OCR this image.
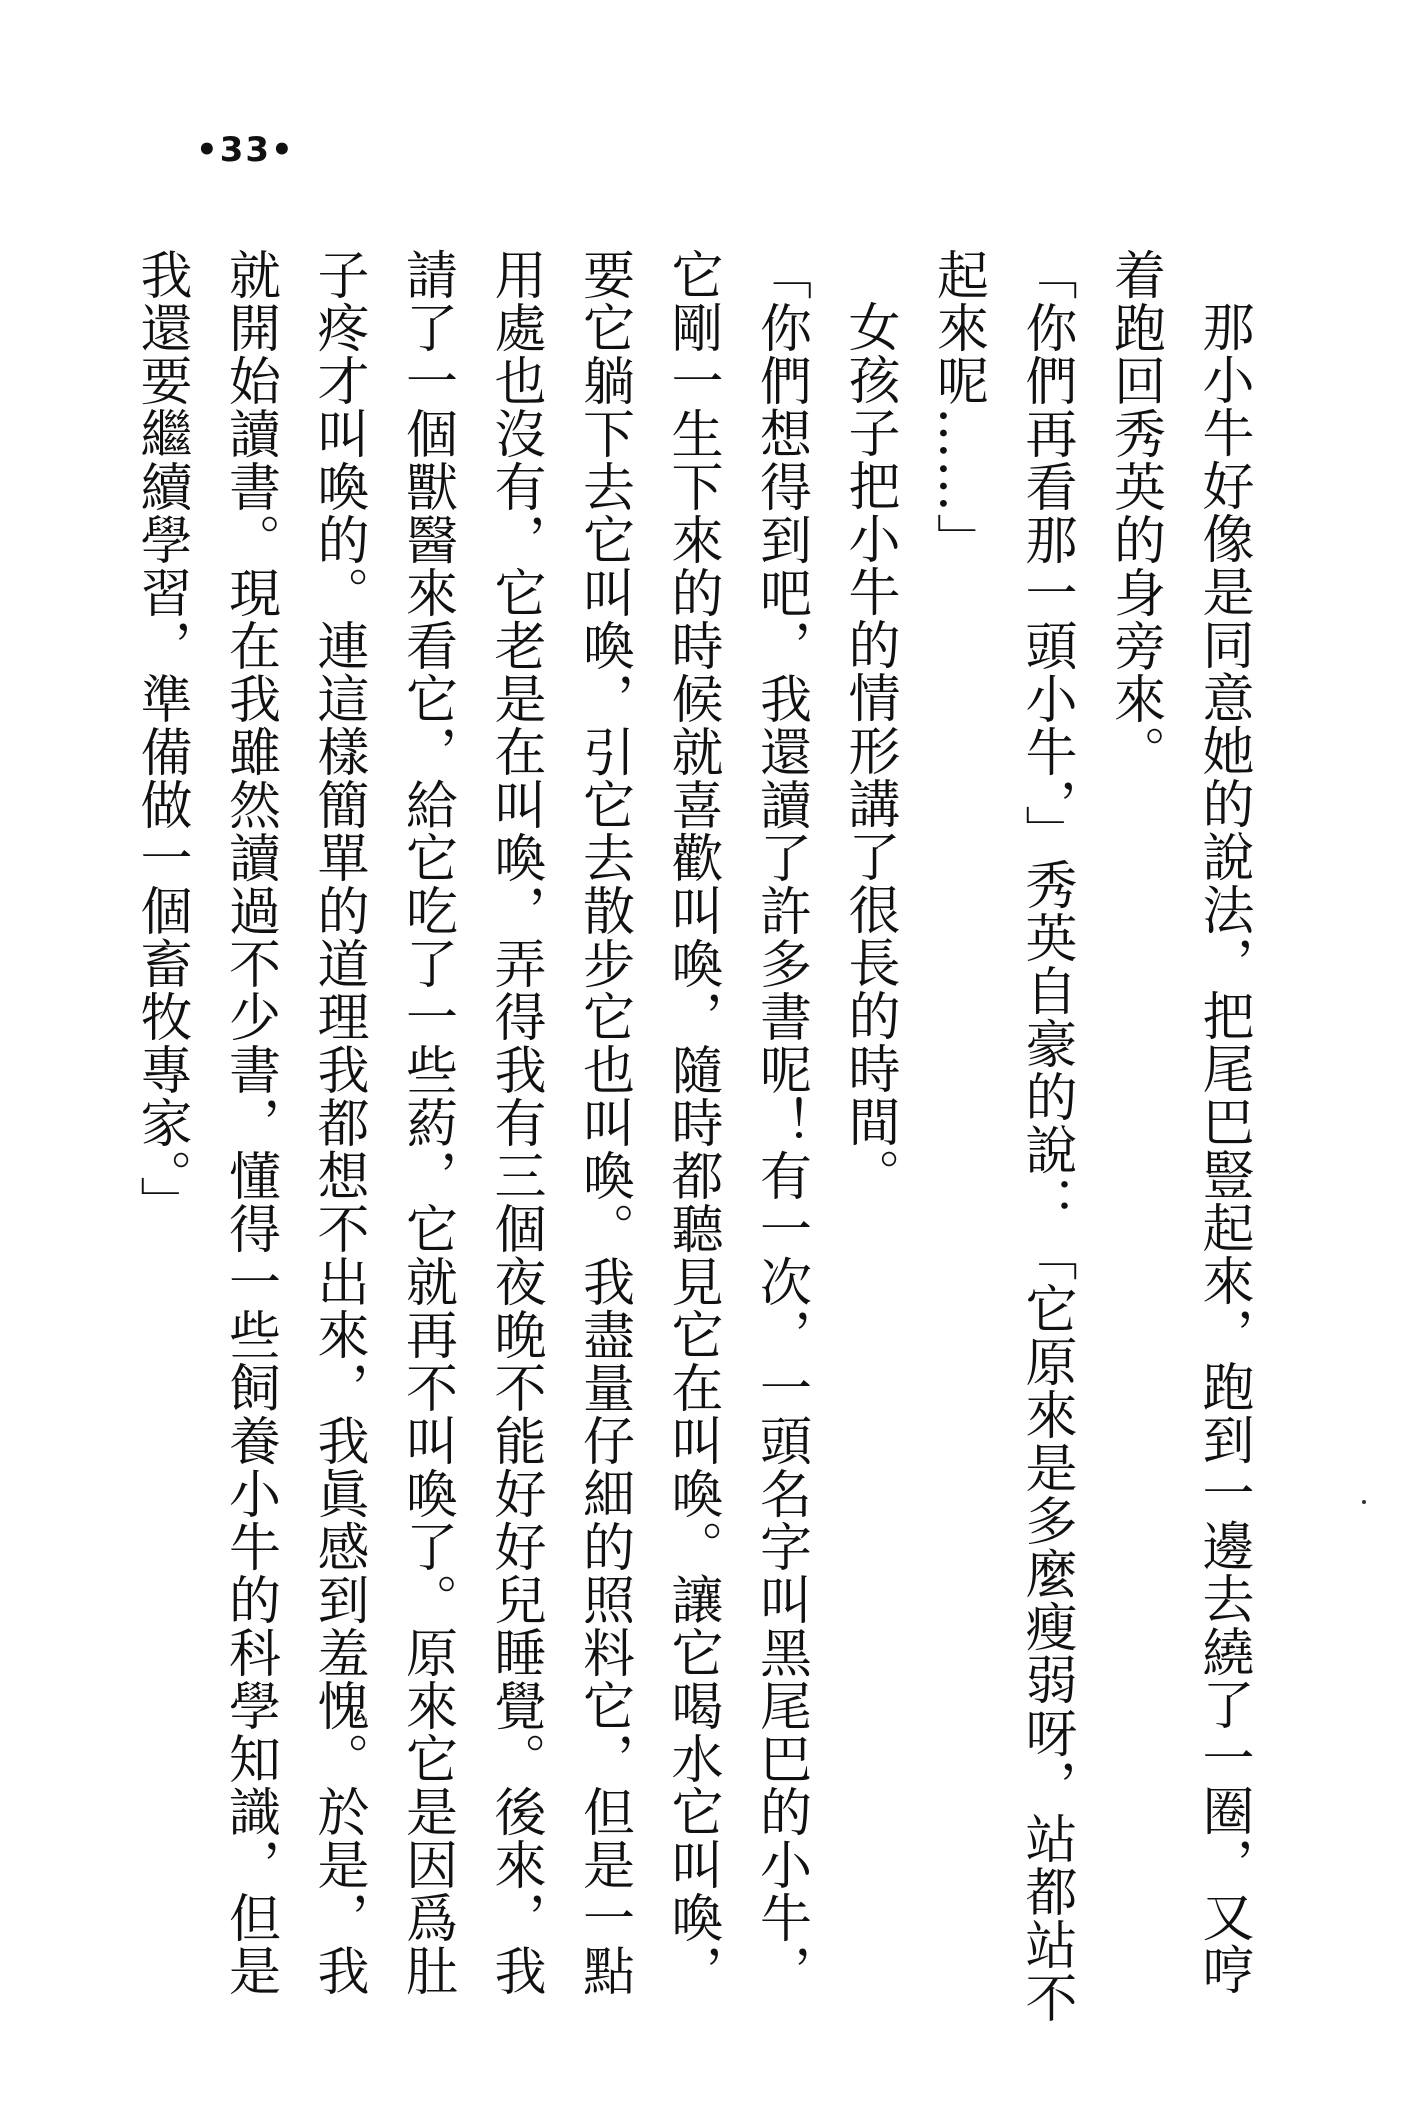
•33•

那小牛好像是同意她的說法，把尾巴豎起來，跑到一邊去繞了一圈，又哼着跑回秀英的身旁來。

「你們再看那一頭小牛，」秀英自豪的說：「它原來是多麼瘦弱呀，站都站不起來呢……」

女孩子把小牛的情形講了很長的時間。

「你們想得到吧，我還讀了許多書呢！有一次，一頭名字叫黑尾巴的小牛，它剛一生下來的時候就喜歡叫喚，隨時都聽見它在叫喚。讓它喝水它叫喚，要它躺下去它叫喚，引它去散步它也叫喚。我盡量仔細的照料它，但是一點用處也沒有，它老是在叫喚，弄得我有三個夜晚不能好好兒睡覺。後來，我請了一個獸醫來看它，給它吃了一些葯，它就再不叫喚了。原來它是因爲肚子疼才叫喚的。連這樣簡單的道理我都想不出來，我眞感到羞愧。於是，我就開始讀書。現在我雖然讀過不少書，懂得一些飼養小牛的科學知識，但是我還要繼續學習，準備做一個畜牧專家。」
